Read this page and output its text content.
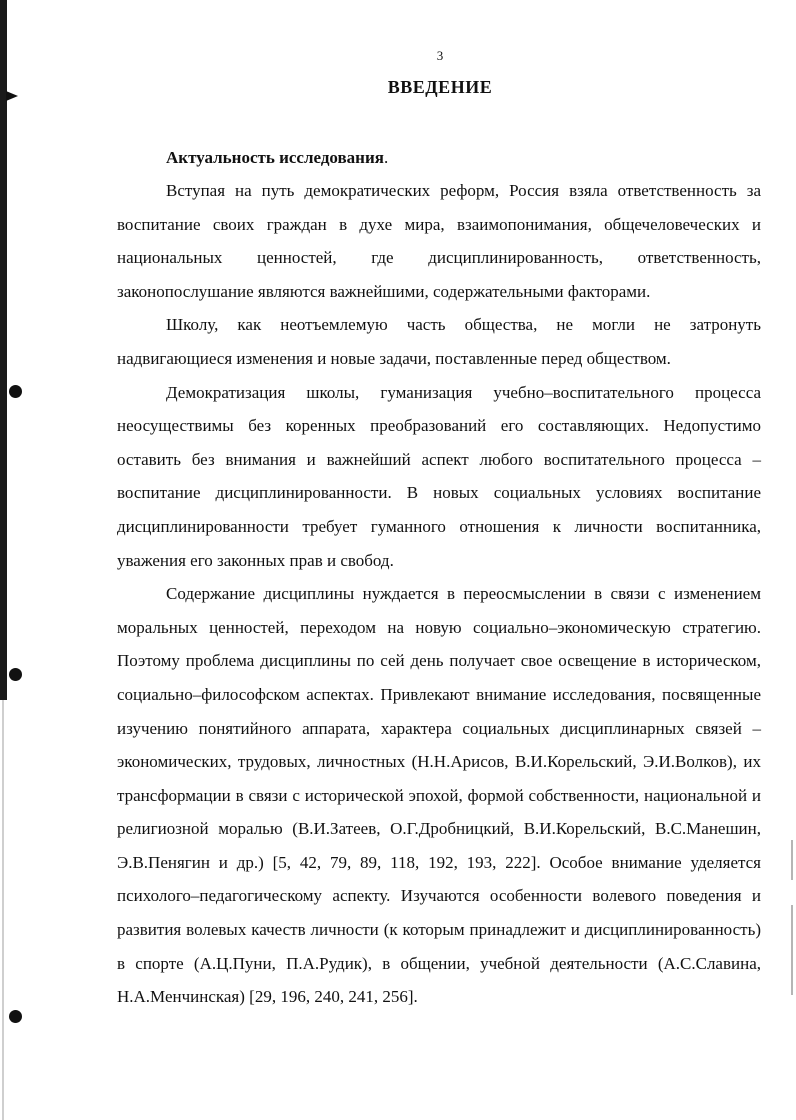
3
ВВЕДЕНИЕ
Актуальность исследования.

Вступая на путь демократических реформ, Россия взяла ответственность за воспитание своих граждан в духе мира, взаимопонимания, общечеловеческих и национальных ценностей, где дисциплинированность, ответственность, законопослушание являются важнейшими, содержательными факторами.

Школу, как неотъемлемую часть общества, не могли не затронуть надвигающиеся изменения и новые задачи, поставленные перед обществом.

Демократизация школы, гуманизация учебно–воспитательного процесса неосуществимы без коренных преобразований его составляющих. Недопустимо оставить без внимания и важнейший аспект любого воспитательного процесса – воспитание дисциплинированности. В новых социальных условиях воспитание дисциплинированности требует гуманного отношения к личности воспитанника, уважения его законных прав и свобод.

Содержание дисциплины нуждается в переосмыслении в связи с изменением моральных ценностей, переходом на новую социально–экономическую стратегию. Поэтому проблема дисциплины по сей день получает свое освещение в историческом, социально–философском аспектах. Привлекают внимание исследования, посвященные изучению понятийного аппарата, характера социальных дисциплинарных связей – экономических, трудовых, личностных (Н.Н.Арисов, В.И.Корельский, Э.И.Волков), их трансформации в связи с исторической эпохой, формой собственности, национальной и религиозной моралью (В.И.Затеев, О.Г.Дробницкий, В.И.Корельский, В.С.Манешин, Э.В.Пенягин и др.) [5, 42, 79, 89, 118, 192, 193, 222]. Особое внимание уделяется психолого–педагогическому аспекту. Изучаются особенности волевого поведения и развития волевых качеств личности (к которым принадлежит и дисциплинированность) в спорте (А.Ц.Пуни, П.А.Рудик), в общении, учебной деятельности (А.С.Славина, Н.А.Менчинская) [29, 196, 240, 241, 256].
